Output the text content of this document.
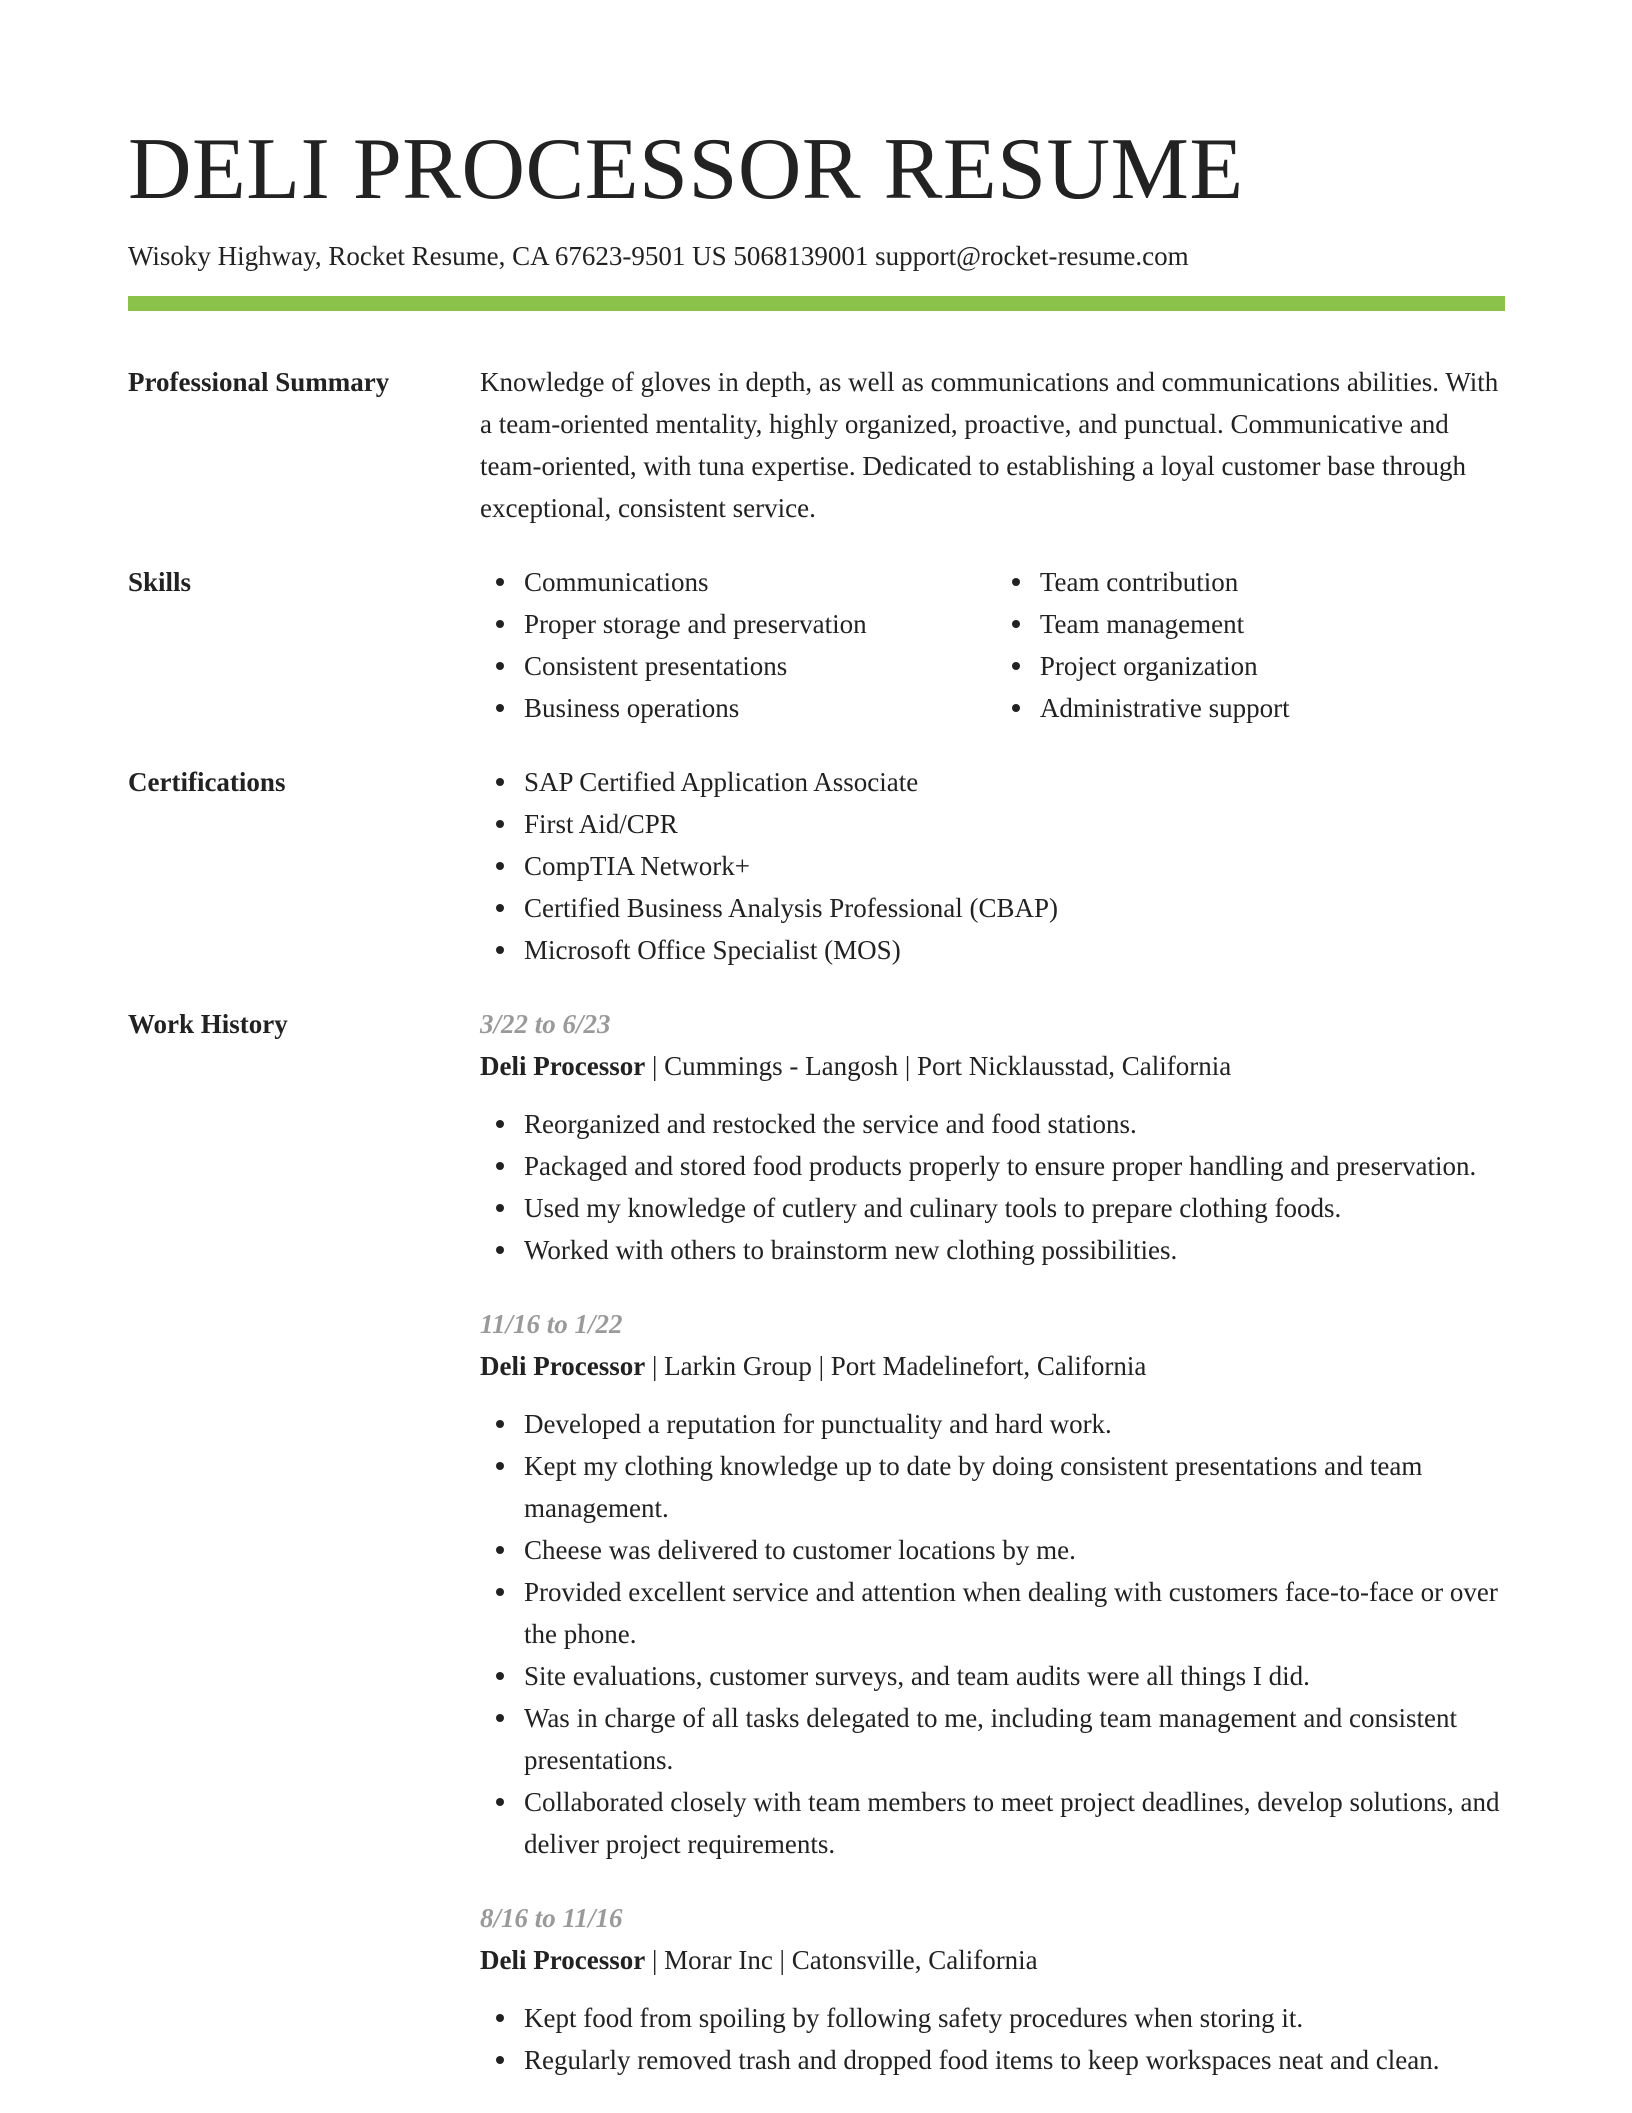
DELI PROCESSOR RESUME
Wisoky Highway, Rocket Resume, CA 67623-9501 US 5068139001 support@rocket-resume.com
Professional Summary	Knowledge of gloves in depth, as well as communications and communications abilities. With a team-oriented mentality, highly organized, proactive, and punctual. Communicative and team-oriented, with tuna expertise. Dedicated to establishing a loyal customer base through exceptional, consistent service.
Skills	Communications
Proper storage and preservation
Consistent presentations
Business operations
Team contribution
Team management
Project organization
Administrative support
Certifications	SAP Certified Application Associate
First Aid/CPR
CompTIA Network+
Certified Business Analysis Professional (CBAP)
Microsoft Office Specialist (MOS)
Work History	3/22 to 6/23
Deli Processor | Cummings - Langosh | Port Nicklausstad, California
Reorganized and restocked the service and food stations.
Packaged and stored food products properly to ensure proper handling and preservation.
Used my knowledge of cutlery and culinary tools to prepare clothing foods.
Worked with others to brainstorm new clothing possibilities.
11/16 to 1/22
Deli Processor | Larkin Group | Port Madelinefort, California
Developed a reputation for punctuality and hard work.
Kept my clothing knowledge up to date by doing consistent presentations and team management.
Cheese was delivered to customer locations by me.
Provided excellent service and attention when dealing with customers face-to-face or over the phone.
Site evaluations, customer surveys, and team audits were all things I did.
Was in charge of all tasks delegated to me, including team management and consistent presentations.
Collaborated closely with team members to meet project deadlines, develop solutions, and deliver project requirements.
8/16 to 11/16
Deli Processor | Morar Inc | Catonsville, California
Kept food from spoiling by following safety procedures when storing it.
Regularly removed trash and dropped food items to keep workspaces neat and clean.
